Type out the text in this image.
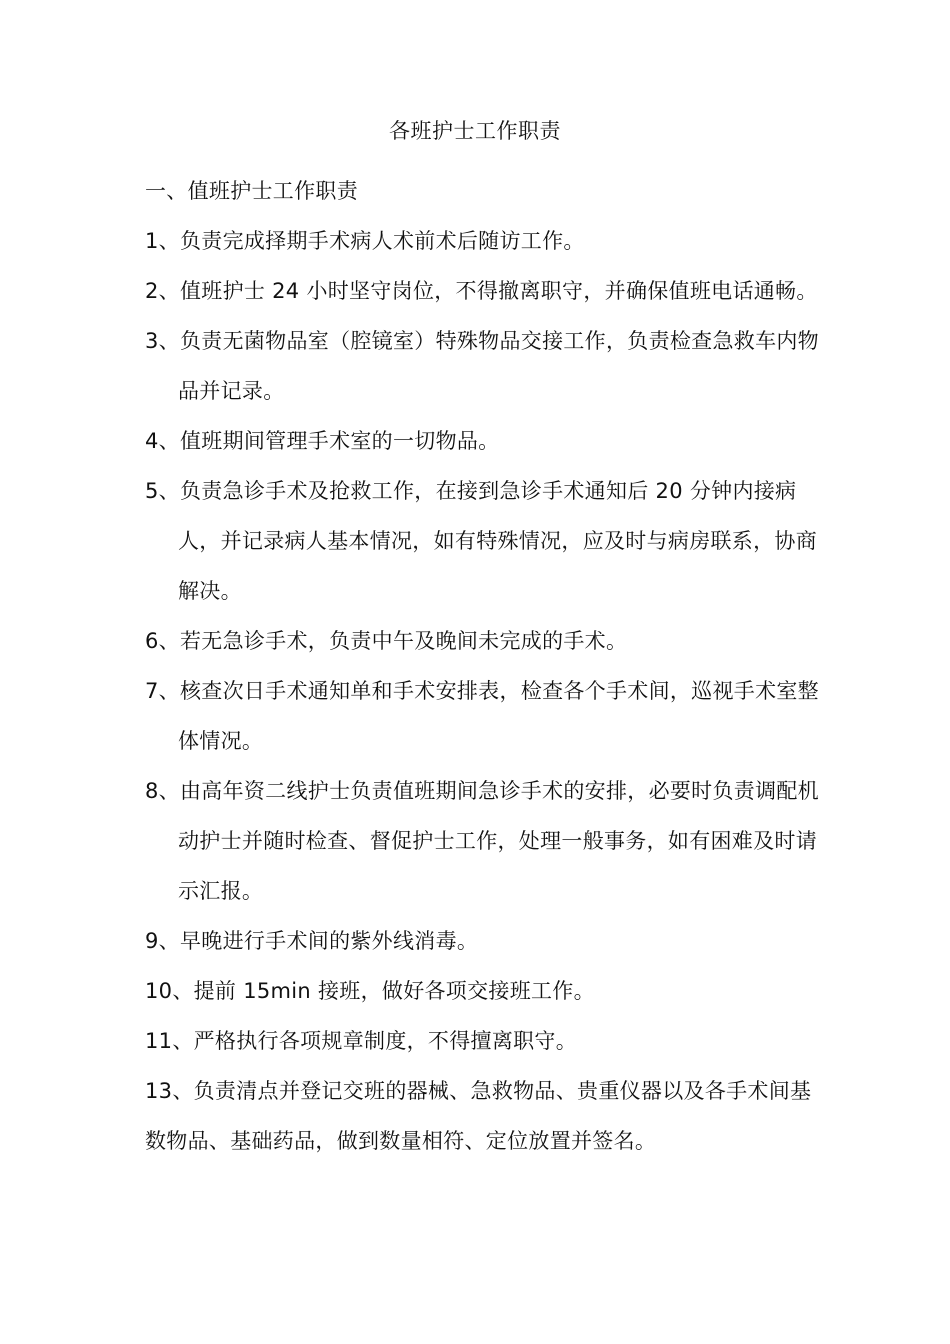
各班护士工作职责

一、值班护士工作职责

1、负责完成择期手术病人术前术后随访工作。

2、值班护士 24 小时坚守岗位，不得撤离职守，并确保值班电话通畅。

3、负责无菌物品室（腔镜室）特殊物品交接工作，负责检查急救车内物品并记录。

4、值班期间管理手术室的一切物品。

5、负责急诊手术及抢救工作，在接到急诊手术通知后 20 分钟内接病人，并记录病人基本情况，如有特殊情况，应及时与病房联系，协商解决。

6、若无急诊手术，负责中午及晚间未完成的手术。

7、核查次日手术通知单和手术安排表，检查各个手术间，巡视手术室整体情况。

8、由高年资二线护士负责值班期间急诊手术的安排，必要时负责调配机动护士并随时检查、督促护士工作，处理一般事务，如有困难及时请示汇报。

9、早晚进行手术间的紫外线消毒。

10、提前 15min 接班，做好各项交接班工作。

11、严格执行各项规章制度，不得擅离职守。

13、负责清点并登记交班的器械、急救物品、贵重仪器以及各手术间基数物品、基础药品，做到数量相符、定位放置并签名。
